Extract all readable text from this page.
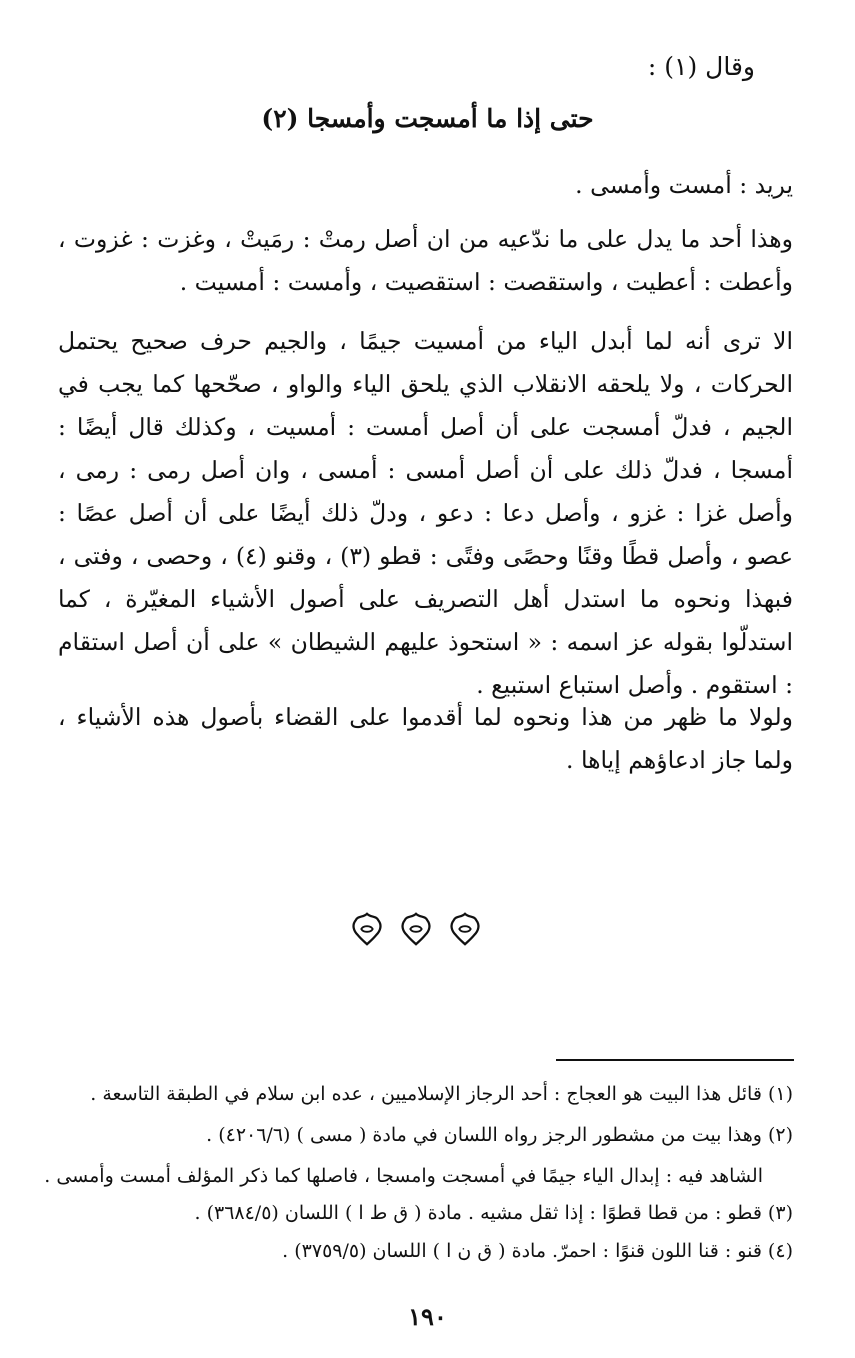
وقال (١) :
حتى إذا ما أمسجت وأمسجا (٢)

يريد : أمست وأمسى .

وهذا أحد ما يدل على ما ندّعيه من ان أصل رمتْ : رمَيتْ ، وغزت : غزوت ، وأعطت : أعطيت ، واستقصت : استقصيت ، وأمست : أمسيت .

الا ترى أنه لما أبدل الياء من أمسيت جيمًا ، والجيم حرف صحيح يحتمل الحركات ، ولا يلحقه الانقلاب الذي يلحق الياء والواو ، صحّحها كما يجب في الجيم ، فدلّ أمسجت على أن أصل أمست : أمسيت ، وكذلك قال أيضًا : أمسجا ، فدلّ ذلك على أن أصل أمسى : أمسى ، وان أصل رمى : رمى ، وأصل غزا : غزو ، وأصل دعا : دعو ، ودلّ ذلك أيضًا على أن أصل عصًا : عصو ، وأصل قطًا وقنًا وحصًى وفتًى : قطو (٣) ، وقنو (٤) ، وحصى ، وفتى ، فبهذا ونحوه ما استدل أهل التصريف على أصول الأشياء المغيّرة ، كما استدلّوا بقوله عز اسمه : « استحوذ عليهم الشيطان » على أن أصل استقام : استقوم . وأصل استباع استبيع .

ولولا ما ظهر من هذا ونحوه لما أقدموا على القضاء بأصول هذه الأشياء ، ولما جاز ادعاؤهم إياها .

(١) قائل هذا البيت هو العجاج : أحد الرجاز الإسلاميين ، عده ابن سلام في الطبقة التاسعة .
(٢) وهذا بيت من مشطور الرجز رواه اللسان في مادة ( مسى ) (٤٢٠٦/٦) .
الشاهد فيه : إبدال الياء جيمًا في أمسجت وامسجا ، فاصلها كما ذكر المؤلف أمست وأمسى .
(٣) قطو : من قطا قطوًا : إذا ثقل مشيه . مادة ( ق ط ا ) اللسان (٣٦٨٤/٥) .
(٤) قنو : قنا اللون قنوًا : احمرّ. مادة ( ق ن ا ) اللسان (٣٧٥٩/٥) .
١٩٠
